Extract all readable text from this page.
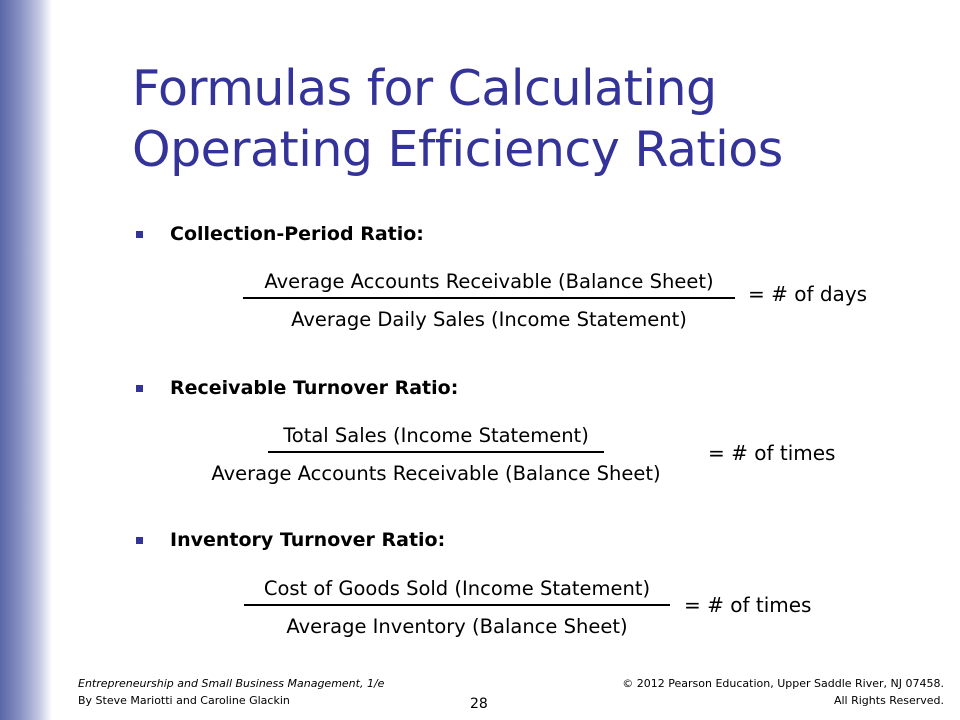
Formulas for Calculating
Operating Efficiency Ratios
Collection-Period Ratio:
Average Accounts Receivable (Balance Sheet)
Average Daily Sales (Income Statement)
= # of days
Receivable Turnover Ratio:
Total Sales (Income Statement)
Average Accounts Receivable (Balance Sheet)
= # of times
Inventory Turnover Ratio:
Cost of Goods Sold (Income Statement)
Average Inventory (Balance Sheet)
= # of times
Entrepreneurship and Small Business Management, 1/e
By Steve Mariotti and Caroline Glackin
© 2012 Pearson Education, Upper Saddle River, NJ 07458.
All Rights Reserved.
28
